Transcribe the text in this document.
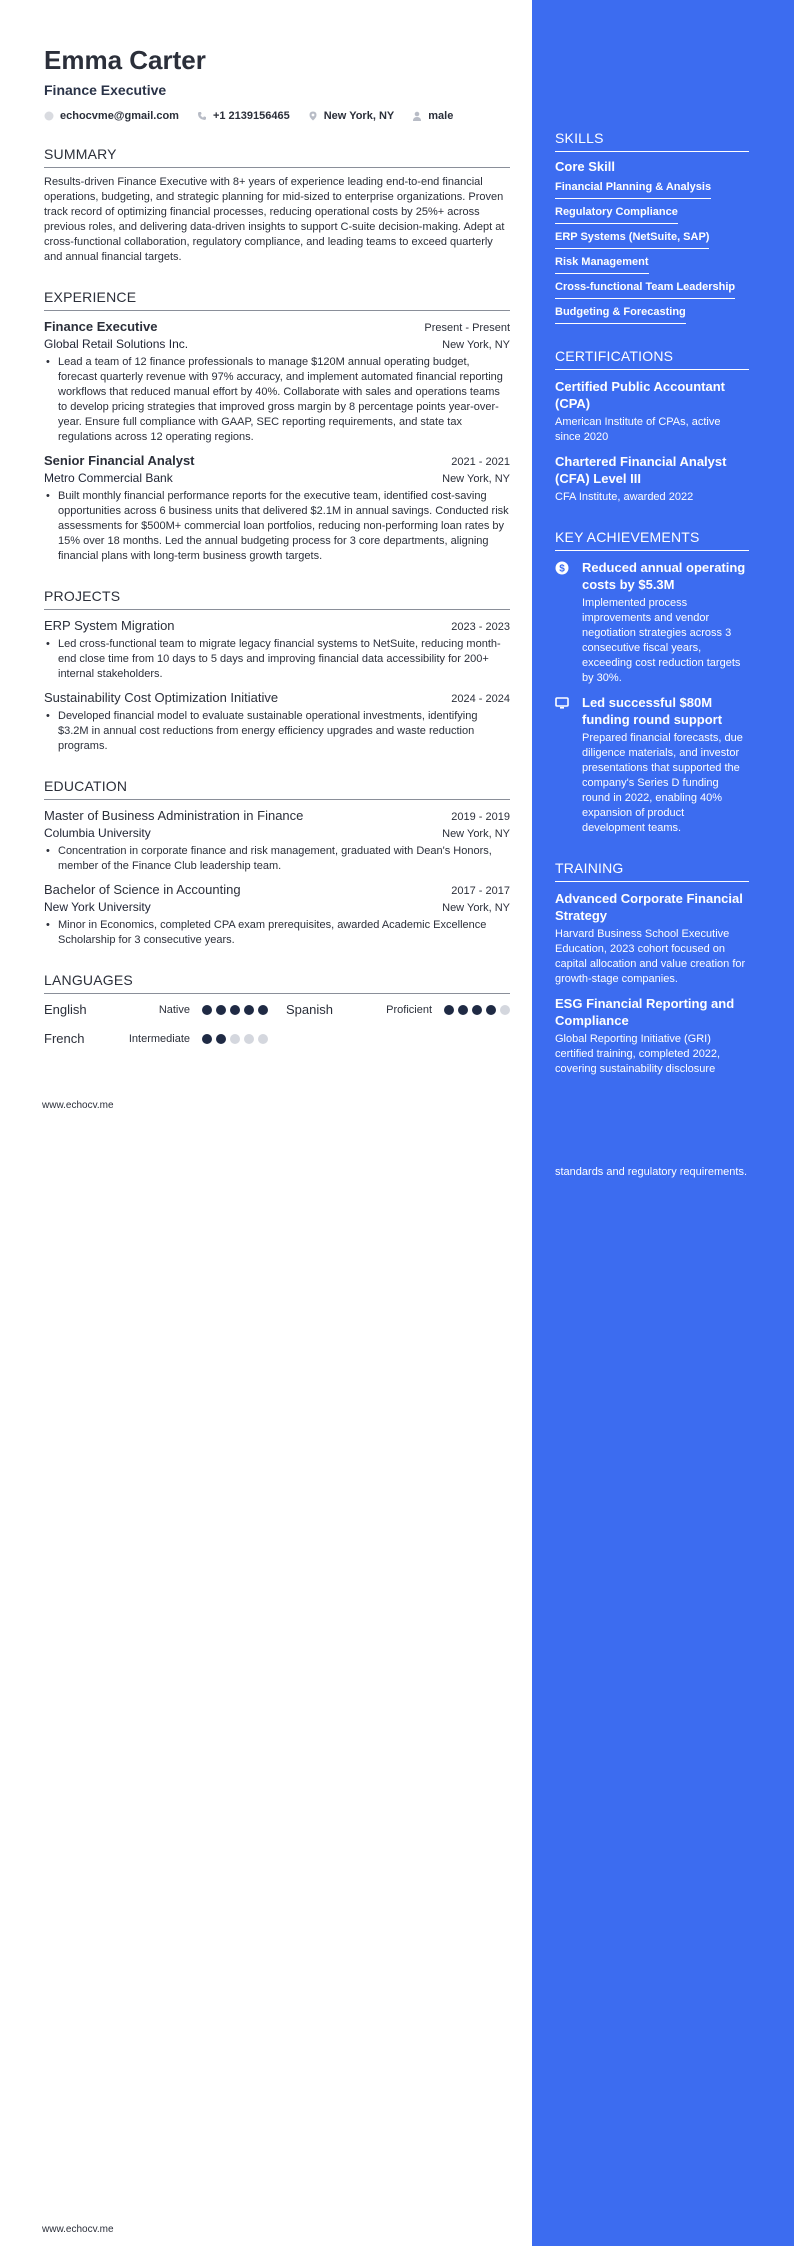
Emma Carter
Finance Executive
echocvme@gmail.com	+1 2139156465	New York, NY	male
SUMMARY
Results-driven Finance Executive with 8+ years of experience leading end-to-end financial operations, budgeting, and strategic planning for mid-sized to enterprise organizations. Proven track record of optimizing financial processes, reducing operational costs by 25%+ across previous roles, and delivering data-driven insights to support C-suite decision-making. Adept at cross-functional collaboration, regulatory compliance, and leading teams to exceed quarterly and annual financial targets.
EXPERIENCE
Finance Executive	Present - Present
Global Retail Solutions Inc.	New York, NY
• Lead a team of 12 finance professionals to manage $120M annual operating budget, forecast quarterly revenue with 97% accuracy, and implement automated financial reporting workflows that reduced manual effort by 40%. Collaborate with sales and operations teams to develop pricing strategies that improved gross margin by 8 percentage points year-over-year. Ensure full compliance with GAAP, SEC reporting requirements, and state tax regulations across 12 operating regions.
Senior Financial Analyst	2021 - 2021
Metro Commercial Bank	New York, NY
• Built monthly financial performance reports for the executive team, identified cost-saving opportunities across 6 business units that delivered $2.1M in annual savings. Conducted risk assessments for $500M+ commercial loan portfolios, reducing non-performing loan rates by 15% over 18 months. Led the annual budgeting process for 3 core departments, aligning financial plans with long-term business growth targets.
PROJECTS
ERP System Migration	2023 - 2023
• Led cross-functional team to migrate legacy financial systems to NetSuite, reducing month-end close time from 10 days to 5 days and improving financial data accessibility for 200+ internal stakeholders.
Sustainability Cost Optimization Initiative	2024 - 2024
• Developed financial model to evaluate sustainable operational investments, identifying $3.2M in annual cost reductions from energy efficiency upgrades and waste reduction programs.
EDUCATION
Master of Business Administration in Finance	2019 - 2019
Columbia University	New York, NY
• Concentration in corporate finance and risk management, graduated with Dean's Honors, member of the Finance Club leadership team.
Bachelor of Science in Accounting	2017 - 2017
New York University	New York, NY
• Minor in Economics, completed CPA exam prerequisites, awarded Academic Excellence Scholarship for 3 consecutive years.
LANGUAGES
English	Native	Spanish	Proficient
French	Intermediate
www.echocv.me
www.echocv.me
SKILLS
Core Skill
Financial Planning & Analysis
Regulatory Compliance
ERP Systems (NetSuite, SAP)
Risk Management
Cross-functional Team Leadership
Budgeting & Forecasting
CERTIFICATIONS
Certified Public Accountant (CPA)
American Institute of CPAs, active since 2020
Chartered Financial Analyst (CFA) Level III
CFA Institute, awarded 2022
KEY ACHIEVEMENTS
$ Reduced annual operating costs by $5.3M
Implemented process improvements and vendor negotiation strategies across 3 consecutive fiscal years, exceeding cost reduction targets by 30%.
Led successful $80M funding round support
Prepared financial forecasts, due diligence materials, and investor presentations that supported the company's Series D funding round in 2022, enabling 40% expansion of product development teams.
TRAINING
Advanced Corporate Financial Strategy
Harvard Business School Executive Education, 2023 cohort focused on capital allocation and value creation for growth-stage companies.
ESG Financial Reporting and Compliance
Global Reporting Initiative (GRI) certified training, completed 2022, covering sustainability disclosure
standards and regulatory requirements.
